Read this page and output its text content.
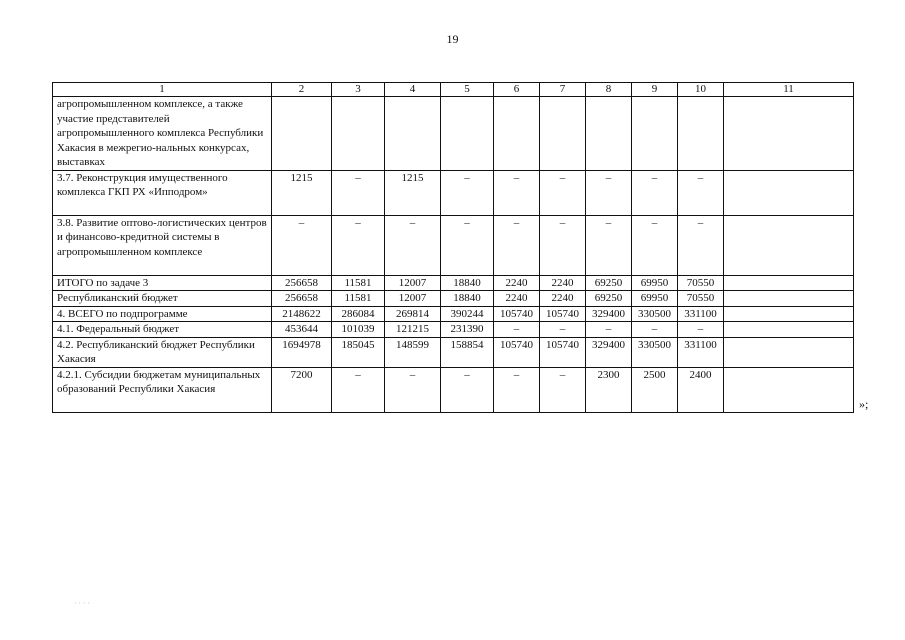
19
1	2	3	4	5	6	7	8	9	10	11
агропромышленном комплексе, а также участие представителей агропромышленного комплекса Республики Хакасия в межрегио-нальных конкурсах, выставках										
3.7. Реконструкция имущественного комплекса ГКП РХ «Ипподром»	1215	–	1215	–	–	–	–	–	–	
3.8. Развитие оптово-логистических центров и финансово-кредитной системы в агропромышленном комплексе	–	–	–	–	–	–	–	–	–	
ИТОГО по задаче 3	256658	11581	12007	18840	2240	2240	69250	69950	70550	
Республиканский бюджет	256658	11581	12007	18840	2240	2240	69250	69950	70550	
4. ВСЕГО по подпрограмме	2148622	286084	269814	390244	105740	105740	329400	330500	331100	
4.1. Федеральный бюджет	453644	101039	121215	231390	–	–	–	–	–	
4.2. Республиканский бюджет Республики Хакасия	1694978	185045	148599	158854	105740	105740	329400	330500	331100	
4.2.1. Субсидии бюджетам муниципальных образований Республики Хакасия	7200	–	–	–	–	–	2300	2500	2400	
»;
· · · ·
